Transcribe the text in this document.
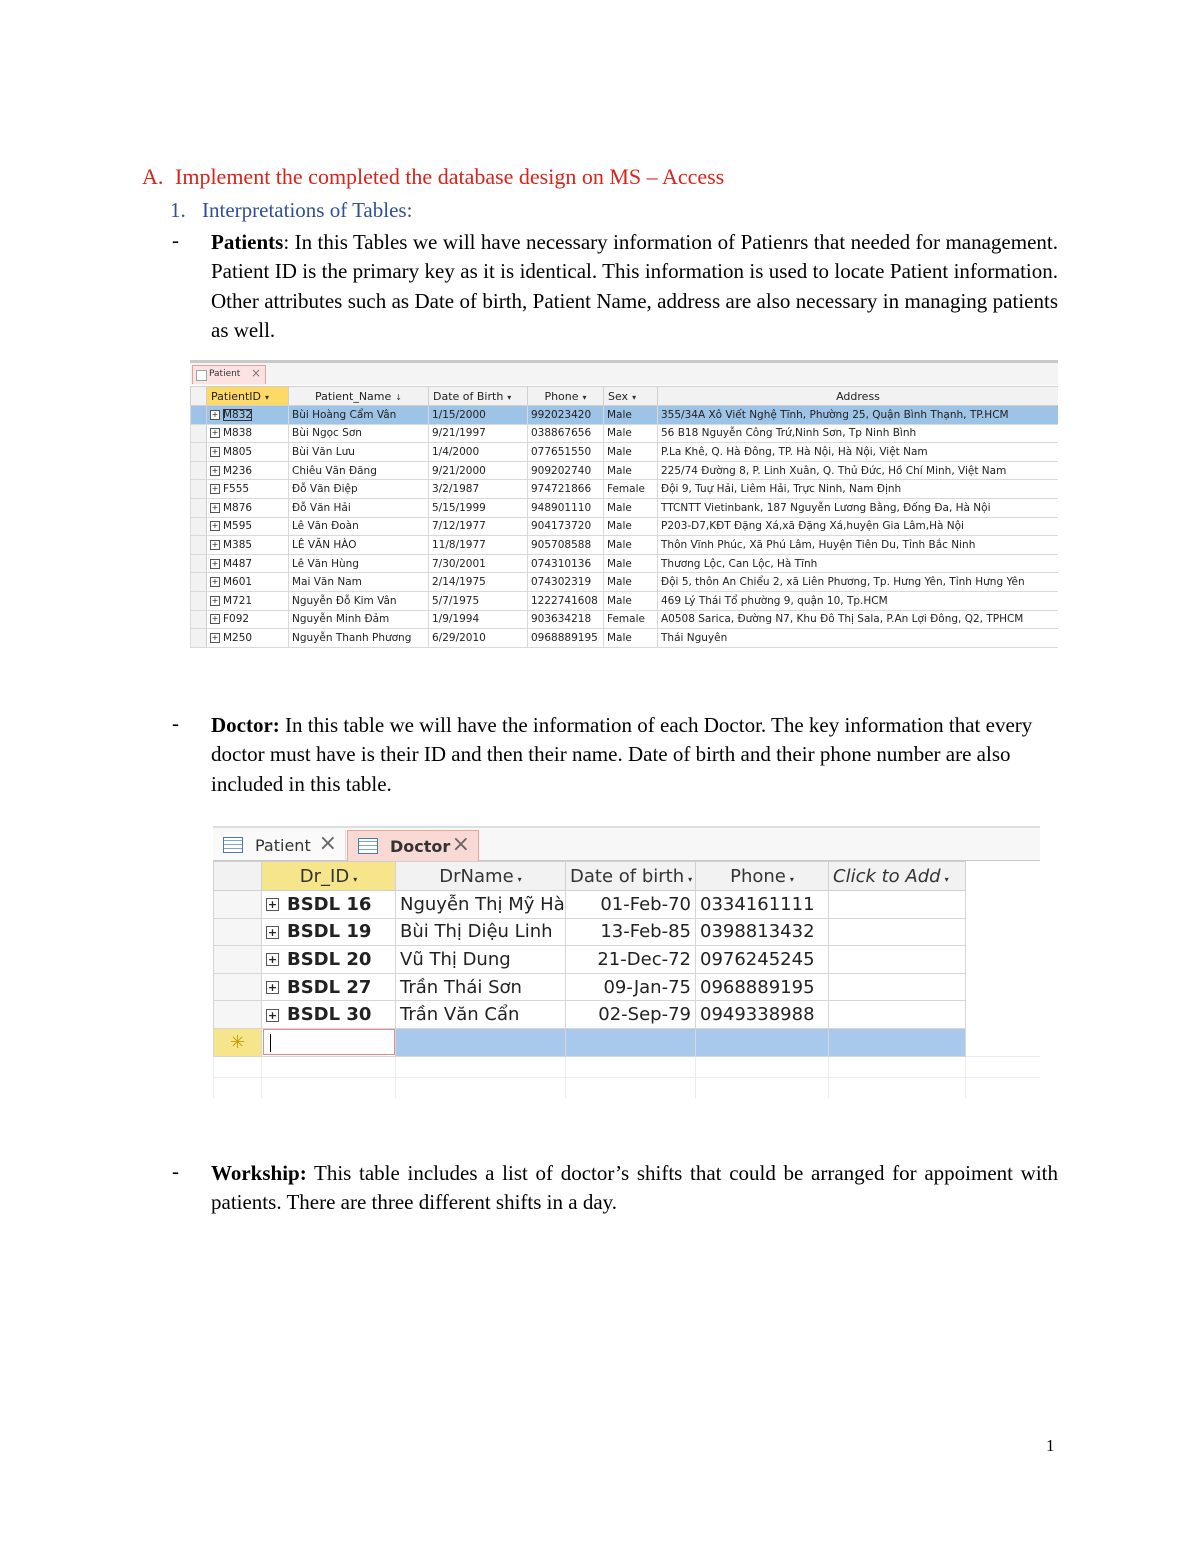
A. Implement the completed the database design on MS – Access
1. Interpretations of Tables:
- Patients: In this Tables we will have necessary information of Patienrs that needed for management. Patient ID is the primary key as it is identical. This information is used to locate Patient information. Other attributes such as Date of birth, Patient Name, address are also necessary in managing patients as well.
Patient ×
	PatientID ▾	Patient_Name ↓	Date of Birth ▾	Phone ▾	Sex ▾	Address
	+ M832	Bùi Hoàng Cẩm Vân	1/15/2000	992023420	Male	355/34A Xô Viết Nghệ Tĩnh, Phường 25, Quận Bình Thạnh, TP.HCM
	+ M838	Bùi Ngọc Sơn	9/21/1997	038867656	Male	56 B18 Nguyễn Công Trứ,Ninh Sơn, Tp Ninh Bình
	+ M805	Bùi Văn Lưu	1/4/2000	077651550	Male	P.La Khê, Q. Hà Đông, TP. Hà Nội, Hà Nội, Việt Nam
	+ M236	Chiêu Văn Đăng	9/21/2000	909202740	Male	225/74 Đường 8, P. Linh Xuân, Q. Thủ Đức, Hồ Chí Minh, Việt Nam
	+ F555	Đỗ Văn Điệp	3/2/1987	974721866	Female	Đội 9, Tuự Hải, Liêm Hải, Trực Ninh, Nam Định
	+ M876	Đỗ Văn Hải	5/15/1999	948901110	Male	TTCNTT Vietinbank, 187 Nguyễn Lương Bằng, Đống Đa, Hà Nội
	+ M595	Lê Văn Đoàn	7/12/1977	904173720	Male	P203-D7,KĐT Đặng Xá,xã Đặng Xá,huyện Gia Lâm,Hà Nội
	+ M385	LÊ VĂN HÀO	11/8/1977	905708588	Male	Thôn Vĩnh Phúc, Xã Phú Lâm, Huyện Tiên Du, Tỉnh Bắc Ninh
	+ M487	Lê Văn Hùng	7/30/2001	074310136	Male	Thương Lộc, Can Lộc, Hà Tĩnh
	+ M601	Mai Văn Nam	2/14/1975	074302319	Male	Đội 5, thôn An Chiểu 2, xã Liên Phương, Tp. Hưng Yên, Tỉnh Hưng Yên
	+ M721	Nguyễn Đỗ Kim Vân	5/7/1975	1222741608	Male	469 Lý Thái Tổ phường 9, quận 10, Tp.HCM
	+ F092	Nguyễn Minh Đảm	1/9/1994	903634218	Female	A0508 Sarica, Đường N7, Khu Đô Thị Sala, P.An Lợi Đông, Q2, TPHCM
	+ M250	Nguyễn Thanh Phương	6/29/2010	0968889195	Male	Thái Nguyên
- Doctor: In this table we will have the information of each Doctor. The key information that every doctor must have is their ID and then their name. Date of birth and their phone number are also included in this table.
Patient ×	Doctor ×
	Dr_ID ▾	DrName ▾	Date of birth ▾	Phone ▾	Click to Add ▾	
	+ BSDL 16	Nguyễn Thị Mỹ Hà	01-Feb-70	0334161111		
	+ BSDL 19	Bùi Thị Diệu Linh	13-Feb-85	0398813432		
	+ BSDL 20	Vũ Thị Dung	21-Dec-72	0976245245		
	+ BSDL 27	Trần Thái Sơn	09-Jan-75	0968889195		
	+ BSDL 30	Trần Văn Cẩn	02-Sep-79	0949338988		
✳						

- Workship: This table includes a list of doctor’s shifts that could be arranged for appoiment with patients. There are three different shifts in a day.
1
